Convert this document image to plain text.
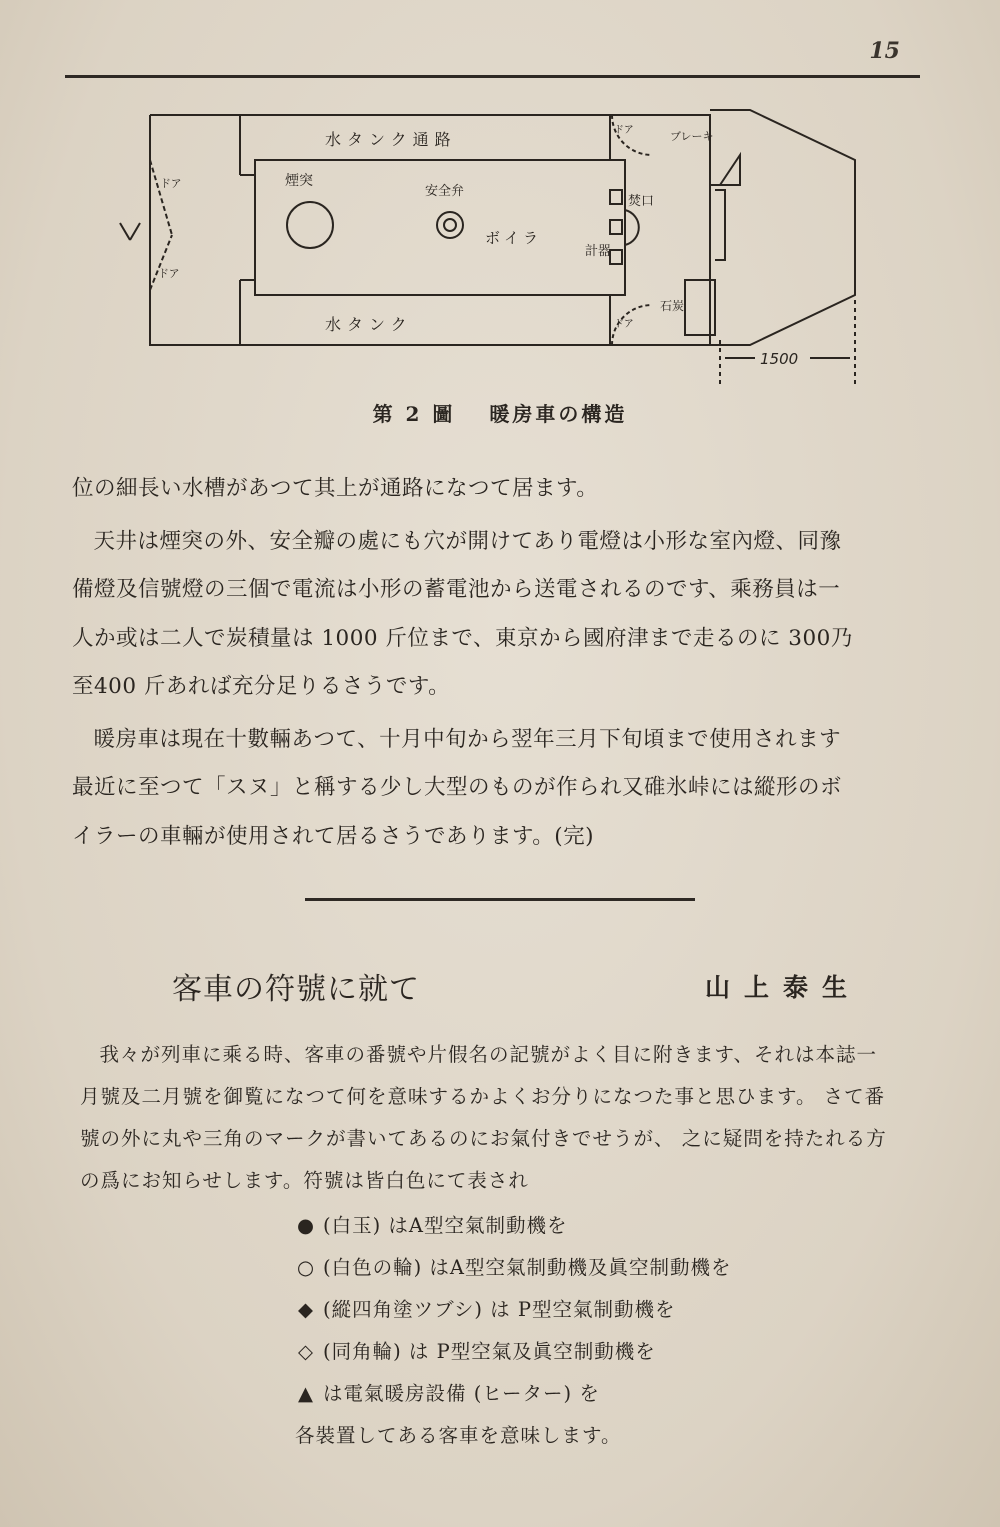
15
水タンク通路
水タンク
煙突
安全弁
ボイラ
計器
焚口
ブレーキ
ドア
ドア
ドア
ドア
石炭
1500
第 2 圖 暖房車の構造

位の細長い水槽があつて其上が通路になつて居ます。

天井は煙突の外、安全瓣の處にも穴が開けてあり電燈は小形な室內燈、同豫

備燈及信號燈の三個で電流は小形の蓄電池から送電されるのです、乘務員は一

人か或は二人で炭積量は 1000 斤位まで、東京から國府津まで走るのに 300乃

至400 斤あれば充分足りるさうです。

暖房車は現在十數輛あつて、十月中旬から翌年三月下旬頃まで使用されます

最近に至つて「スヌ」と稱する少し大型のものが作られ又碓氷峠には縱形のボ

イラーの車輛が使用されて居るさうであります。(完)

客車の符號に就て	山上泰生

我々が列車に乘る時、客車の番號や片假名の記號がよく目に附きます、それは本誌一

月號及二月號を御覧になつて何を意味するかよくお分りになつた事と思ひます。 さて番

號の外に丸や三角のマークが書いてあるのにお氣付きでせうが、 之に疑問を持たれる方

の爲にお知らせします。符號は皆白色にて表され

● (白玉) はA型空氣制動機を
○ (白色の輪) はA型空氣制動機及眞空制動機を
◆ (縱四角塗ツブシ) は P型空氣制動機を
◇ (同角輪) は P型空氣及眞空制動機を
▲ は電氣暖房設備 (ヒーター) を
各裝置してある客車を意味します。
